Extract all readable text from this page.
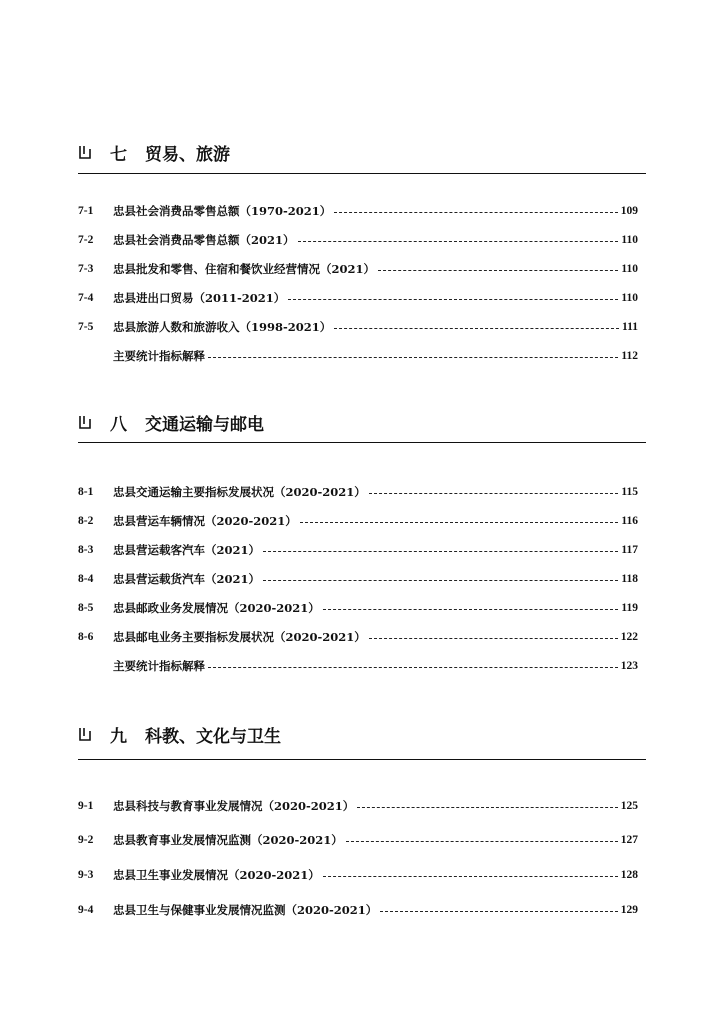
七 贸易、旅游
7-1	忠县社会消费品零售总额（1970-2021）	109
7-2	忠县社会消费品零售总额（2021）	110
7-3	忠县批发和零售、住宿和餐饮业经营情况（2021）	110
7-4	忠县进出口贸易（2011-2021）	110
7-5	忠县旅游人数和旅游收入（1998-2021）	111
主要统计指标解释	112
八 交通运输与邮电
8-1	忠县交通运输主要指标发展状况（2020-2021）	115
8-2	忠县营运车辆情况（2020-2021）	116
8-3	忠县营运载客汽车（2021）	117
8-4	忠县营运载货汽车（2021）	118
8-5	忠县邮政业务发展情况（2020-2021）	119
8-6	忠县邮电业务主要指标发展状况（2020-2021）	122
主要统计指标解释	123
九 科教、文化与卫生
9-1	忠县科技与教育事业发展情况（2020-2021）	125
9-2	忠县教育事业发展情况监测（2020-2021）	127
9-3	忠县卫生事业发展情况（2020-2021）	128
9-4	忠县卫生与保健事业发展情况监测（2020-2021）	129
